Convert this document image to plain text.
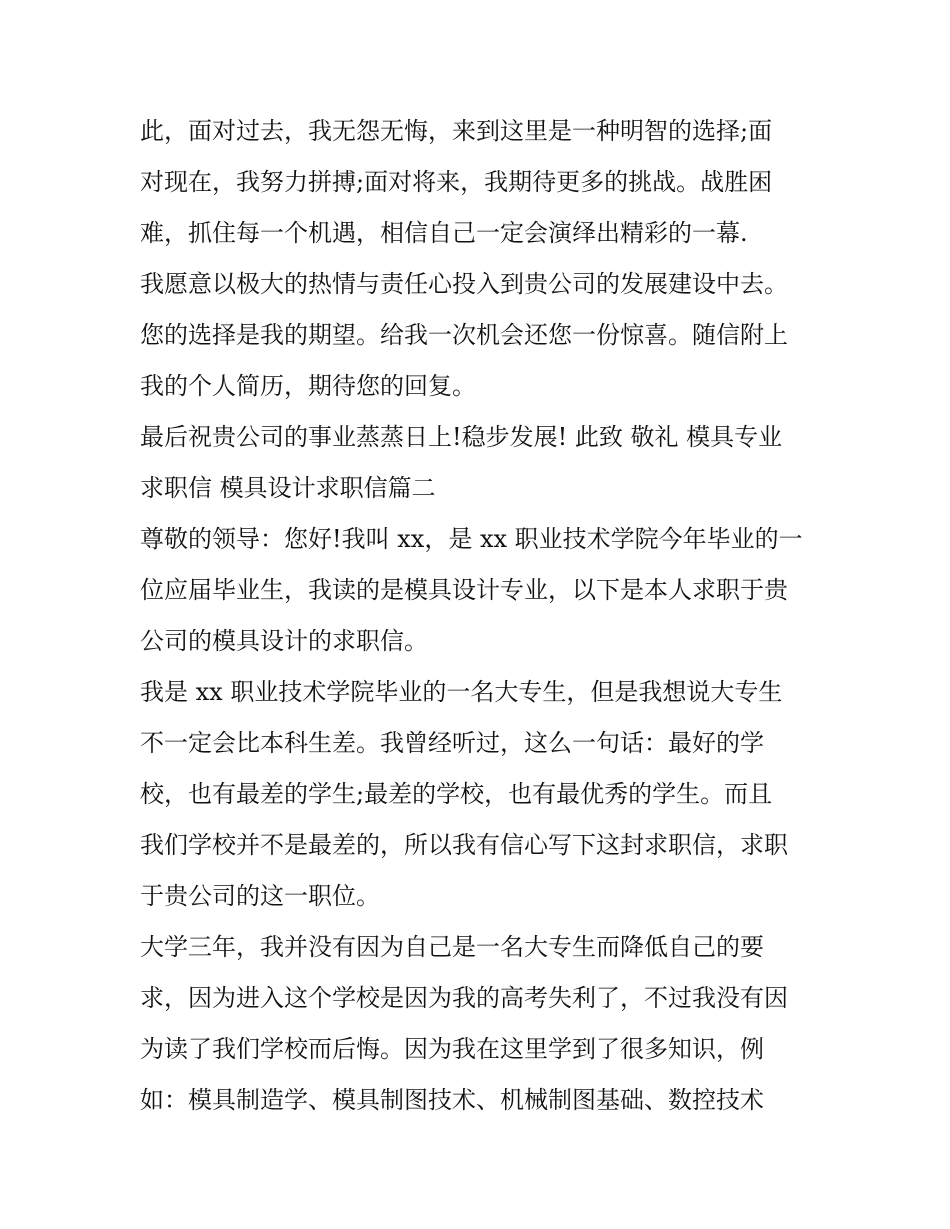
此，面对过去，我无怨无悔，来到这里是一种明智的选择;面
对现在，我努力拼搏;面对将来，我期待更多的挑战。战胜困
难，抓住每一个机遇，相信自己一定会演绎出精彩的一幕.
我愿意以极大的热情与责任心投入到贵公司的发展建设中去。
您的选择是我的期望。给我一次机会还您一份惊喜。随信附上
我的个人简历，期待您的回复。
最后祝贵公司的事业蒸蒸日上!稳步发展! 此致 敬礼 模具专业
求职信 模具设计求职信篇二
尊敬的领导：您好!我叫 xx，是 xx 职业技术学院今年毕业的一
位应届毕业生，我读的是模具设计专业，以下是本人求职于贵
公司的模具设计的求职信。
我是 xx 职业技术学院毕业的一名大专生，但是我想说大专生
不一定会比本科生差。我曾经听过，这么一句话：最好的学
校，也有最差的学生;最差的学校，也有最优秀的学生。而且
我们学校并不是最差的，所以我有信心写下这封求职信，求职
于贵公司的这一职位。
大学三年，我并没有因为自己是一名大专生而降低自己的要
求，因为进入这个学校是因为我的高考失利了，不过我没有因
为读了我们学校而后悔。因为我在这里学到了很多知识，例
如：模具制造学、模具制图技术、机械制图基础、数控技术
